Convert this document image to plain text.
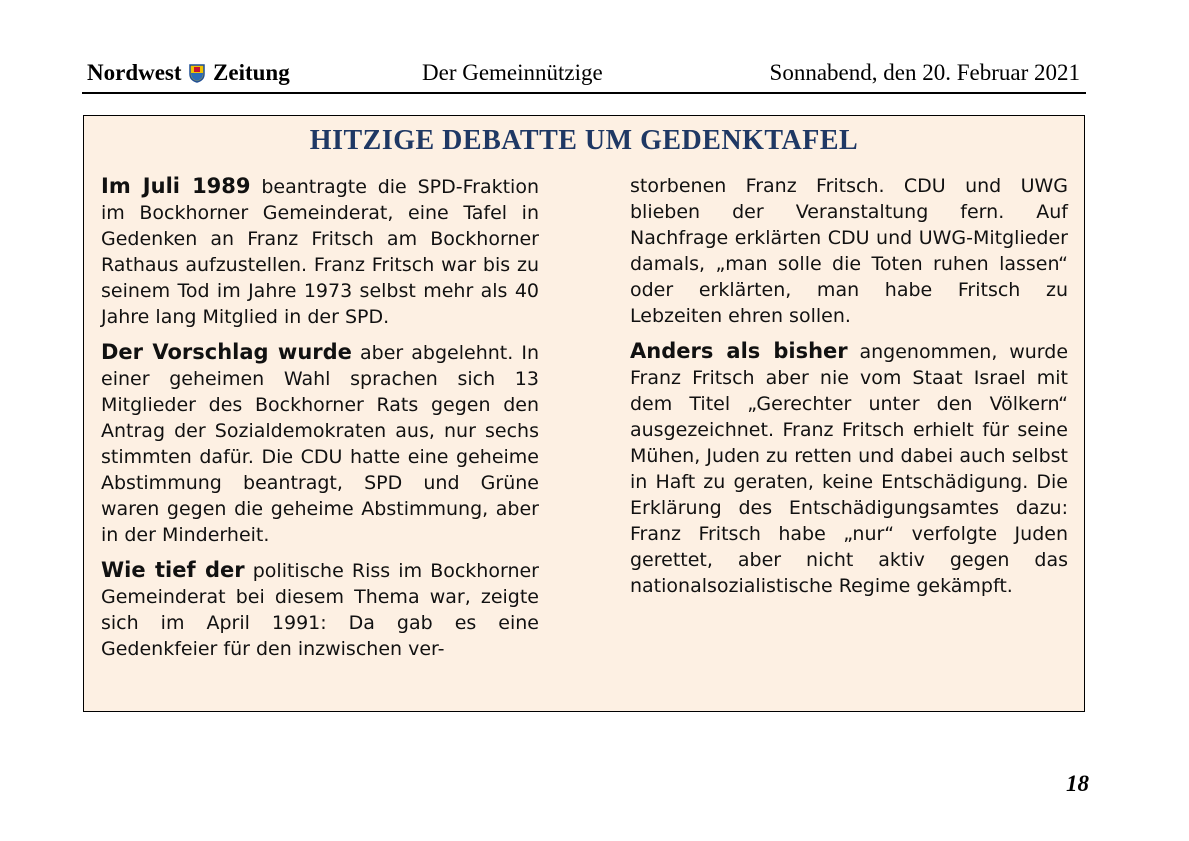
Nordwest Zeitung	Der Gemeinnützige	Sonnabend, den 20. Februar 2021
HITZIGE DEBATTE UM GEDENKTAFEL

Im Juli 1989 beantragte die SPD-Fraktion im Bockhorner Gemeinderat, eine Tafel in Gedenken an Franz Fritsch am Bockhorner Rathaus aufzustellen. Franz Fritsch war bis zu seinem Tod im Jahre 1973 selbst mehr als 40 Jahre lang Mitglied in der SPD.

Der Vorschlag wurde aber abgelehnt. In einer geheimen Wahl sprachen sich 13 Mitglieder des Bockhorner Rats gegen den Antrag der Sozialdemokraten aus, nur sechs stimmten dafür. Die CDU hatte eine geheime Abstimmung beantragt, SPD und Grüne waren gegen die geheime Abstimmung, aber in der Minderheit.

Wie tief der politische Riss im Bockhorner Gemeinderat bei diesem Thema war, zeigte sich im April 1991: Da gab es eine Gedenkfeier für den inzwischen ver-

storbenen Franz Fritsch. CDU und UWG blieben der Veranstaltung fern. Auf Nachfrage erklärten CDU und UWG-Mitglieder damals, „man solle die Toten ruhen lassen“ oder erklärten, man habe Fritsch zu Lebzeiten ehren sollen.

Anders als bisher angenommen, wurde Franz Fritsch aber nie vom Staat Israel mit dem Titel „Gerechter unter den Völkern“ ausgezeichnet. Franz Fritsch erhielt für seine Mühen, Juden zu retten und dabei auch selbst in Haft zu geraten, keine Entschädigung. Die Erklärung des Entschädigungsamtes dazu: Franz Fritsch habe „nur“ verfolgte Juden gerettet, aber nicht aktiv gegen das nationalsozialistische Regime gekämpft.

18
